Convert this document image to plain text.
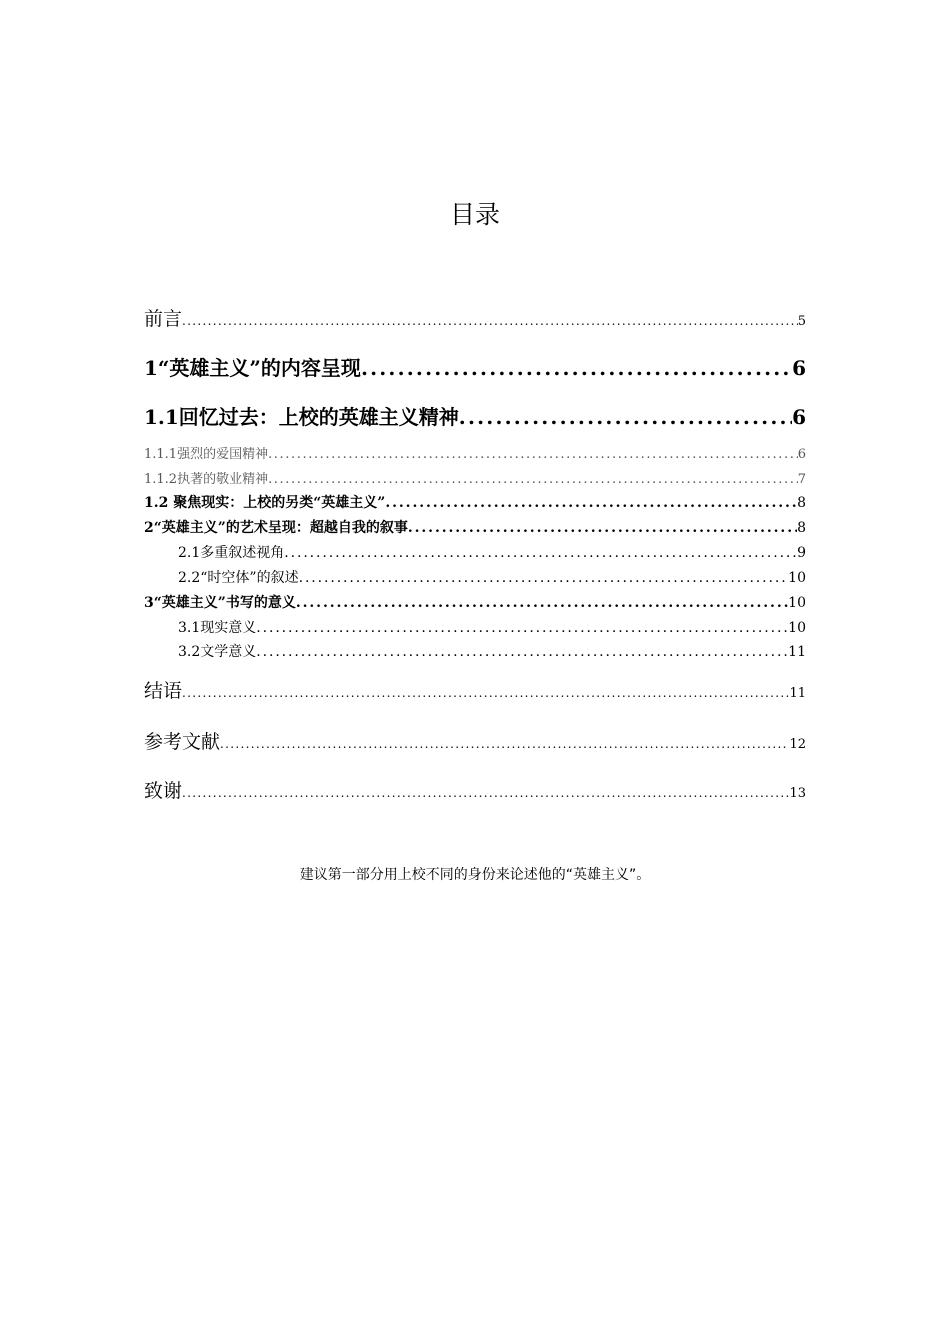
目录
前言 .....	5
1“英雄主义”的内容呈现 .....	6
1.1回忆过去：上校的英雄主义精神 .....	6
1.1.1强烈的爱国精神 .....	6
1.1.2执著的敬业精神 .....	7
1.2 聚焦现实：上校的另类“英雄主义” .....	8
2“英雄主义”的艺术呈现：超越自我的叙事 .....	8
2.1多重叙述视角 .....	9
2.2“时空体”的叙述 .....	10
3“英雄主义”书写的意义 .....	10
3.1现实意义 .....	10
3.2文学意义 .....	11
结语 .....	11
参考文献 .....	12
致谢 .....	13
建议第一部分用上校不同的身份来论述他的“英雄主义”。
